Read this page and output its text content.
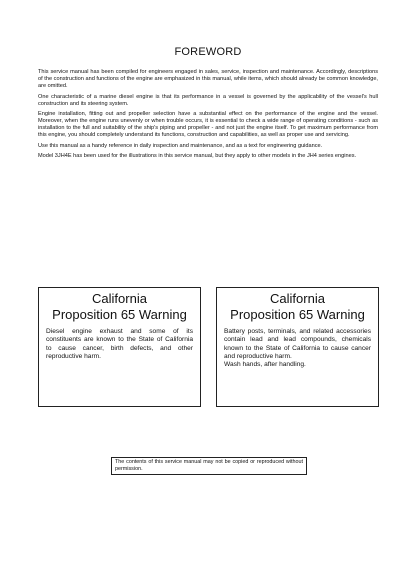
FOREWORD

This service manual has been compiled for engineers engaged in sales, service, inspection and maintenance. Accordingly, descriptions of the construction and functions of the engine are emphasized in this manual, while items, which should already be common knowledge, are omitted.

One characteristic of a marine diesel engine is that its performance in a vessel is governed by the applicability of the vessel's hull construction and its steering system.

Engine installation, fitting out and propeller selection have a substantial effect on the performance of the engine and the vessel. Moreover, when the engine runs unevenly or when trouble occurs, it is essential to check a wide range of operating conditions - such as installation to the full and suitability of the ship's piping and propeller - and not just the engine itself. To get maximum performance from this engine, you should completely understand its functions, construction and capabilities, as well as proper use and servicing.

Use this manual as a handy reference in daily inspection and maintenance, and as a text for engineering guidance.

Model 3JH4E has been used for the illustrations in this service manual, but they apply to other models in the JH4 series engines.

California
Proposition 65 Warning
Diesel engine exhaust and some of its constituents are known to the State of California to cause cancer, birth defects, and other reproductive harm.
California
Proposition 65 Warning
Battery posts, terminals, and related accessories contain lead and lead compounds, chemicals known to the State of California to cause cancer and reproductive harm.
Wash hands, after handling.
The contents of this service manual may not be copied or reproduced without permission.
